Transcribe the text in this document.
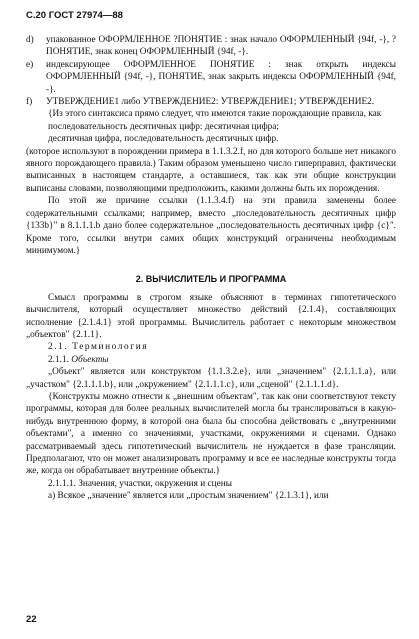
С.20 ГОСТ 27974—88
d)	упакованное ОФОРМЛЕННОЕ ?ПОНЯТИЕ : знак начало ОФОРМЛЕННЫЙ {94f, -}, ?ПОНЯТИЕ, знак конец ОФОРМЛЕННЫЙ {94f, -}.
e)	индексирующее ОФОРМЛЕННОЕ ПОНЯТИЕ : знак открыть индексы ОФОРМЛЕННЫЙ {94f, -}, ПОНЯТИЕ, знак закрыть индексы ОФОРМЛЕННЫЙ {94f, -}.
f)	УТВЕРЖДЕНИЕ1 либо УТВЕРЖДЕНИЕ2: УТВЕРЖДЕНИЕ1; УТВЕРЖДЕНИЕ2.

{Из этого синтаксиса прямо следует, что имеются такие порождающие правила, как

последовательность десятичных цифр: десятичная цифра;

десятичная цифра, последовательность десятичных цифр.

(которое используют в порождении примера в 1.1.3.2.f, но для которого больше нет никакого явного порождающего правила.) Таким образом уменьшено число гиперправил, фактически выписанных в настоящем стандарте, а оставшиеся, так как эти общие конструкции выписаны словами, позволяющими предположить, какими должны быть их порождения.

По этой же причине ссылки (1.1.3.4.f) на эти правила заменены более содержательными ссылками; например, вместо „последовательность десятичных цифр {133b}" в 8.1.1.1.b дано более содержательное „последовательность десятичных цифр {c}". Кроме того, ссылки внутри самих общих конструкций ограничены необходимым минимумом.}

2. ВЫЧИСЛИТЕЛЬ И ПРОГРАММА

Смысл программы в строгом языке объясняют в терминах гипотетического вычислителя, который осуществляет множество действий {2.1.4}, составляющих исполнение {2.1.4.1} этой программы. Вычислитель работает с некоторым множеством „объектов" {2.1.1}.

2.1. Терминология

2.1.1. Объекты

„Объект" является или конструктом {1.1.3.2.e}, или „значением" {2.1.1.1.a}, или „участком" {2.1.1.1.b}, или „окружением" {2.1.1.1.c}, или „сценой" {2.1.1.1.d}.

{Конструкты можно отнести к „внешним объектам", так как они соответствуют тексту программы, которая для более реальных вычислителей могла бы транслироваться в какую-нибудь внутреннюю форму, в которой она была бы способна действовать с „внутренними объектами", а именно со значениями, участками, окружениями и сценами. Однако рассматриваемый здесь гипотетический вычислитель не нуждается в фазе трансляции. Предполагают, что он может анализировать программу и все ее наследные конструкты тогда же, когда он обрабатывает внутренние объекты.}

2.1.1.1. Значения, участки, окружения и сцены

а) Всякое „значение" является или „простым значением" {2.1.3.1}, или

22
